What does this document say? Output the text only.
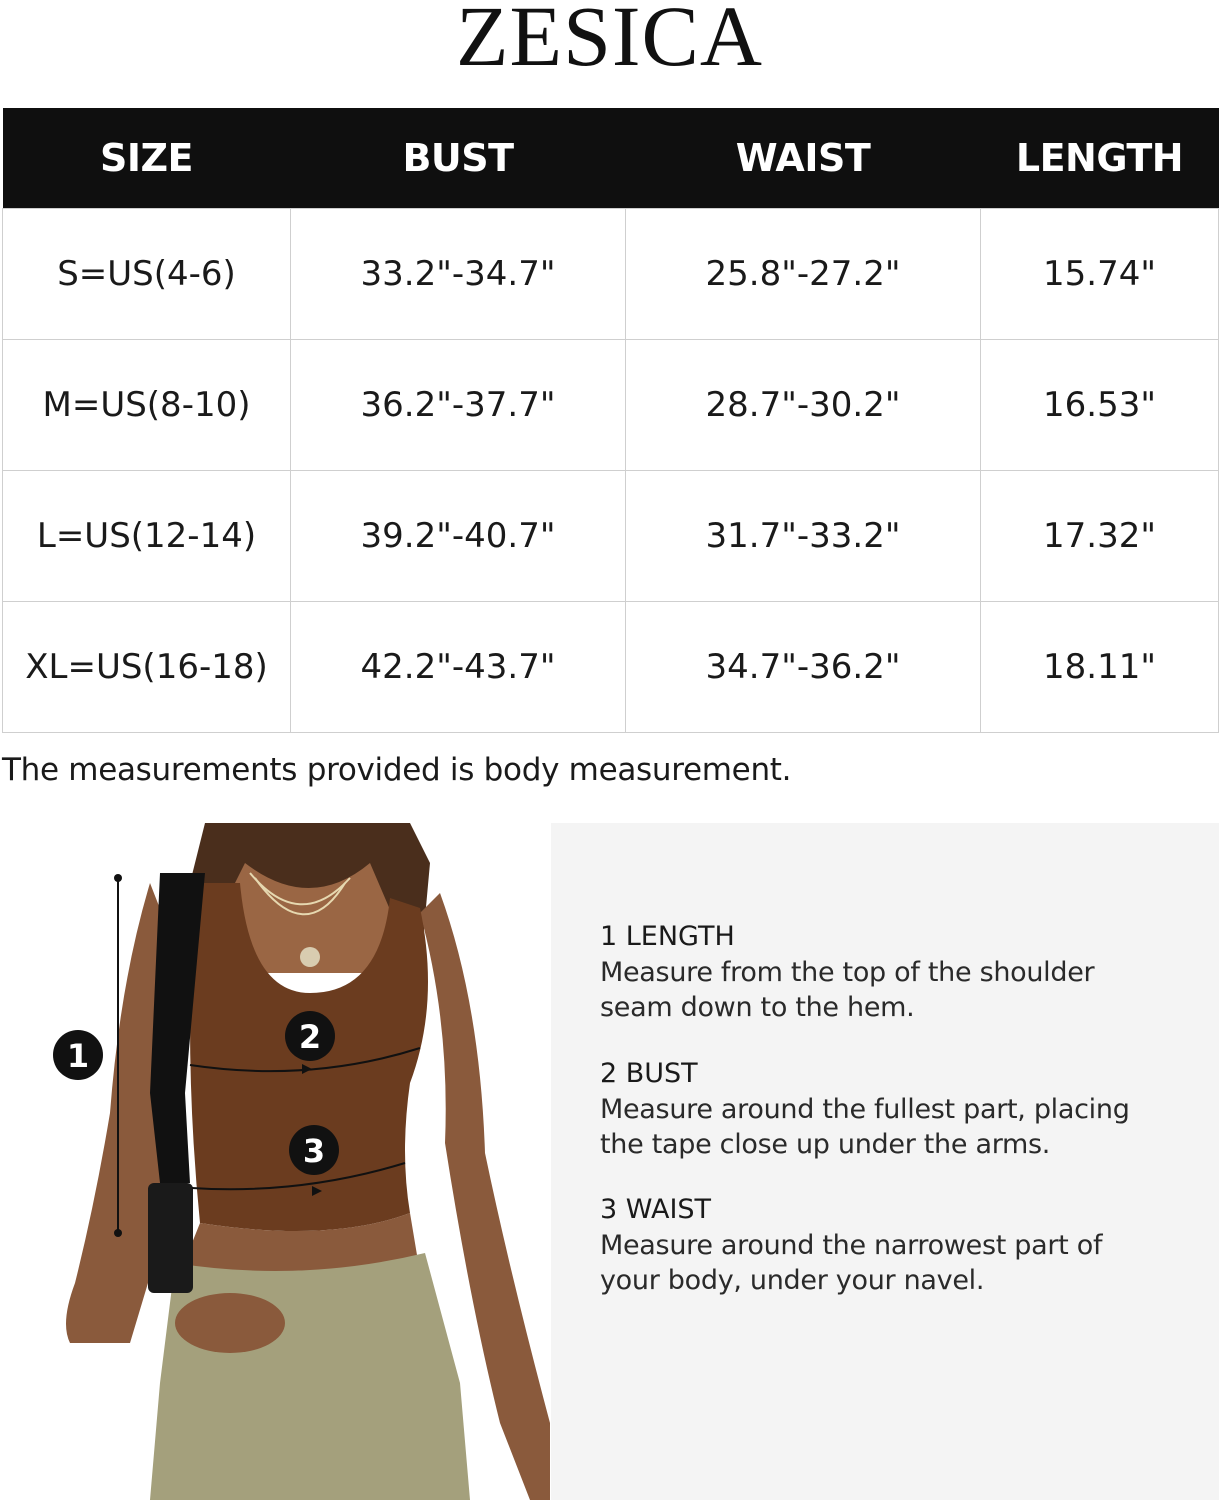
ZESICA
SIZE	BUST	WAIST	LENGTH
S=US(4-6)	33.2"-34.7"	25.8"-27.2"	15.74"
M=US(8-10)	36.2"-37.7"	28.7"-30.2"	16.53"
L=US(12-14)	39.2"-40.7"	31.7"-33.2"	17.32"
XL=US(16-18)	42.2"-43.7"	34.7"-36.2"	18.11"
The measurements provided is body measurement.
1	2
3
1 LENGTH

Measure from the top of the shoulder

seam down to the hem.

2 BUST

Measure around the fullest part, placing

the tape close up under the arms.

3 WAIST

Measure around the narrowest part of

your body, under your navel.
